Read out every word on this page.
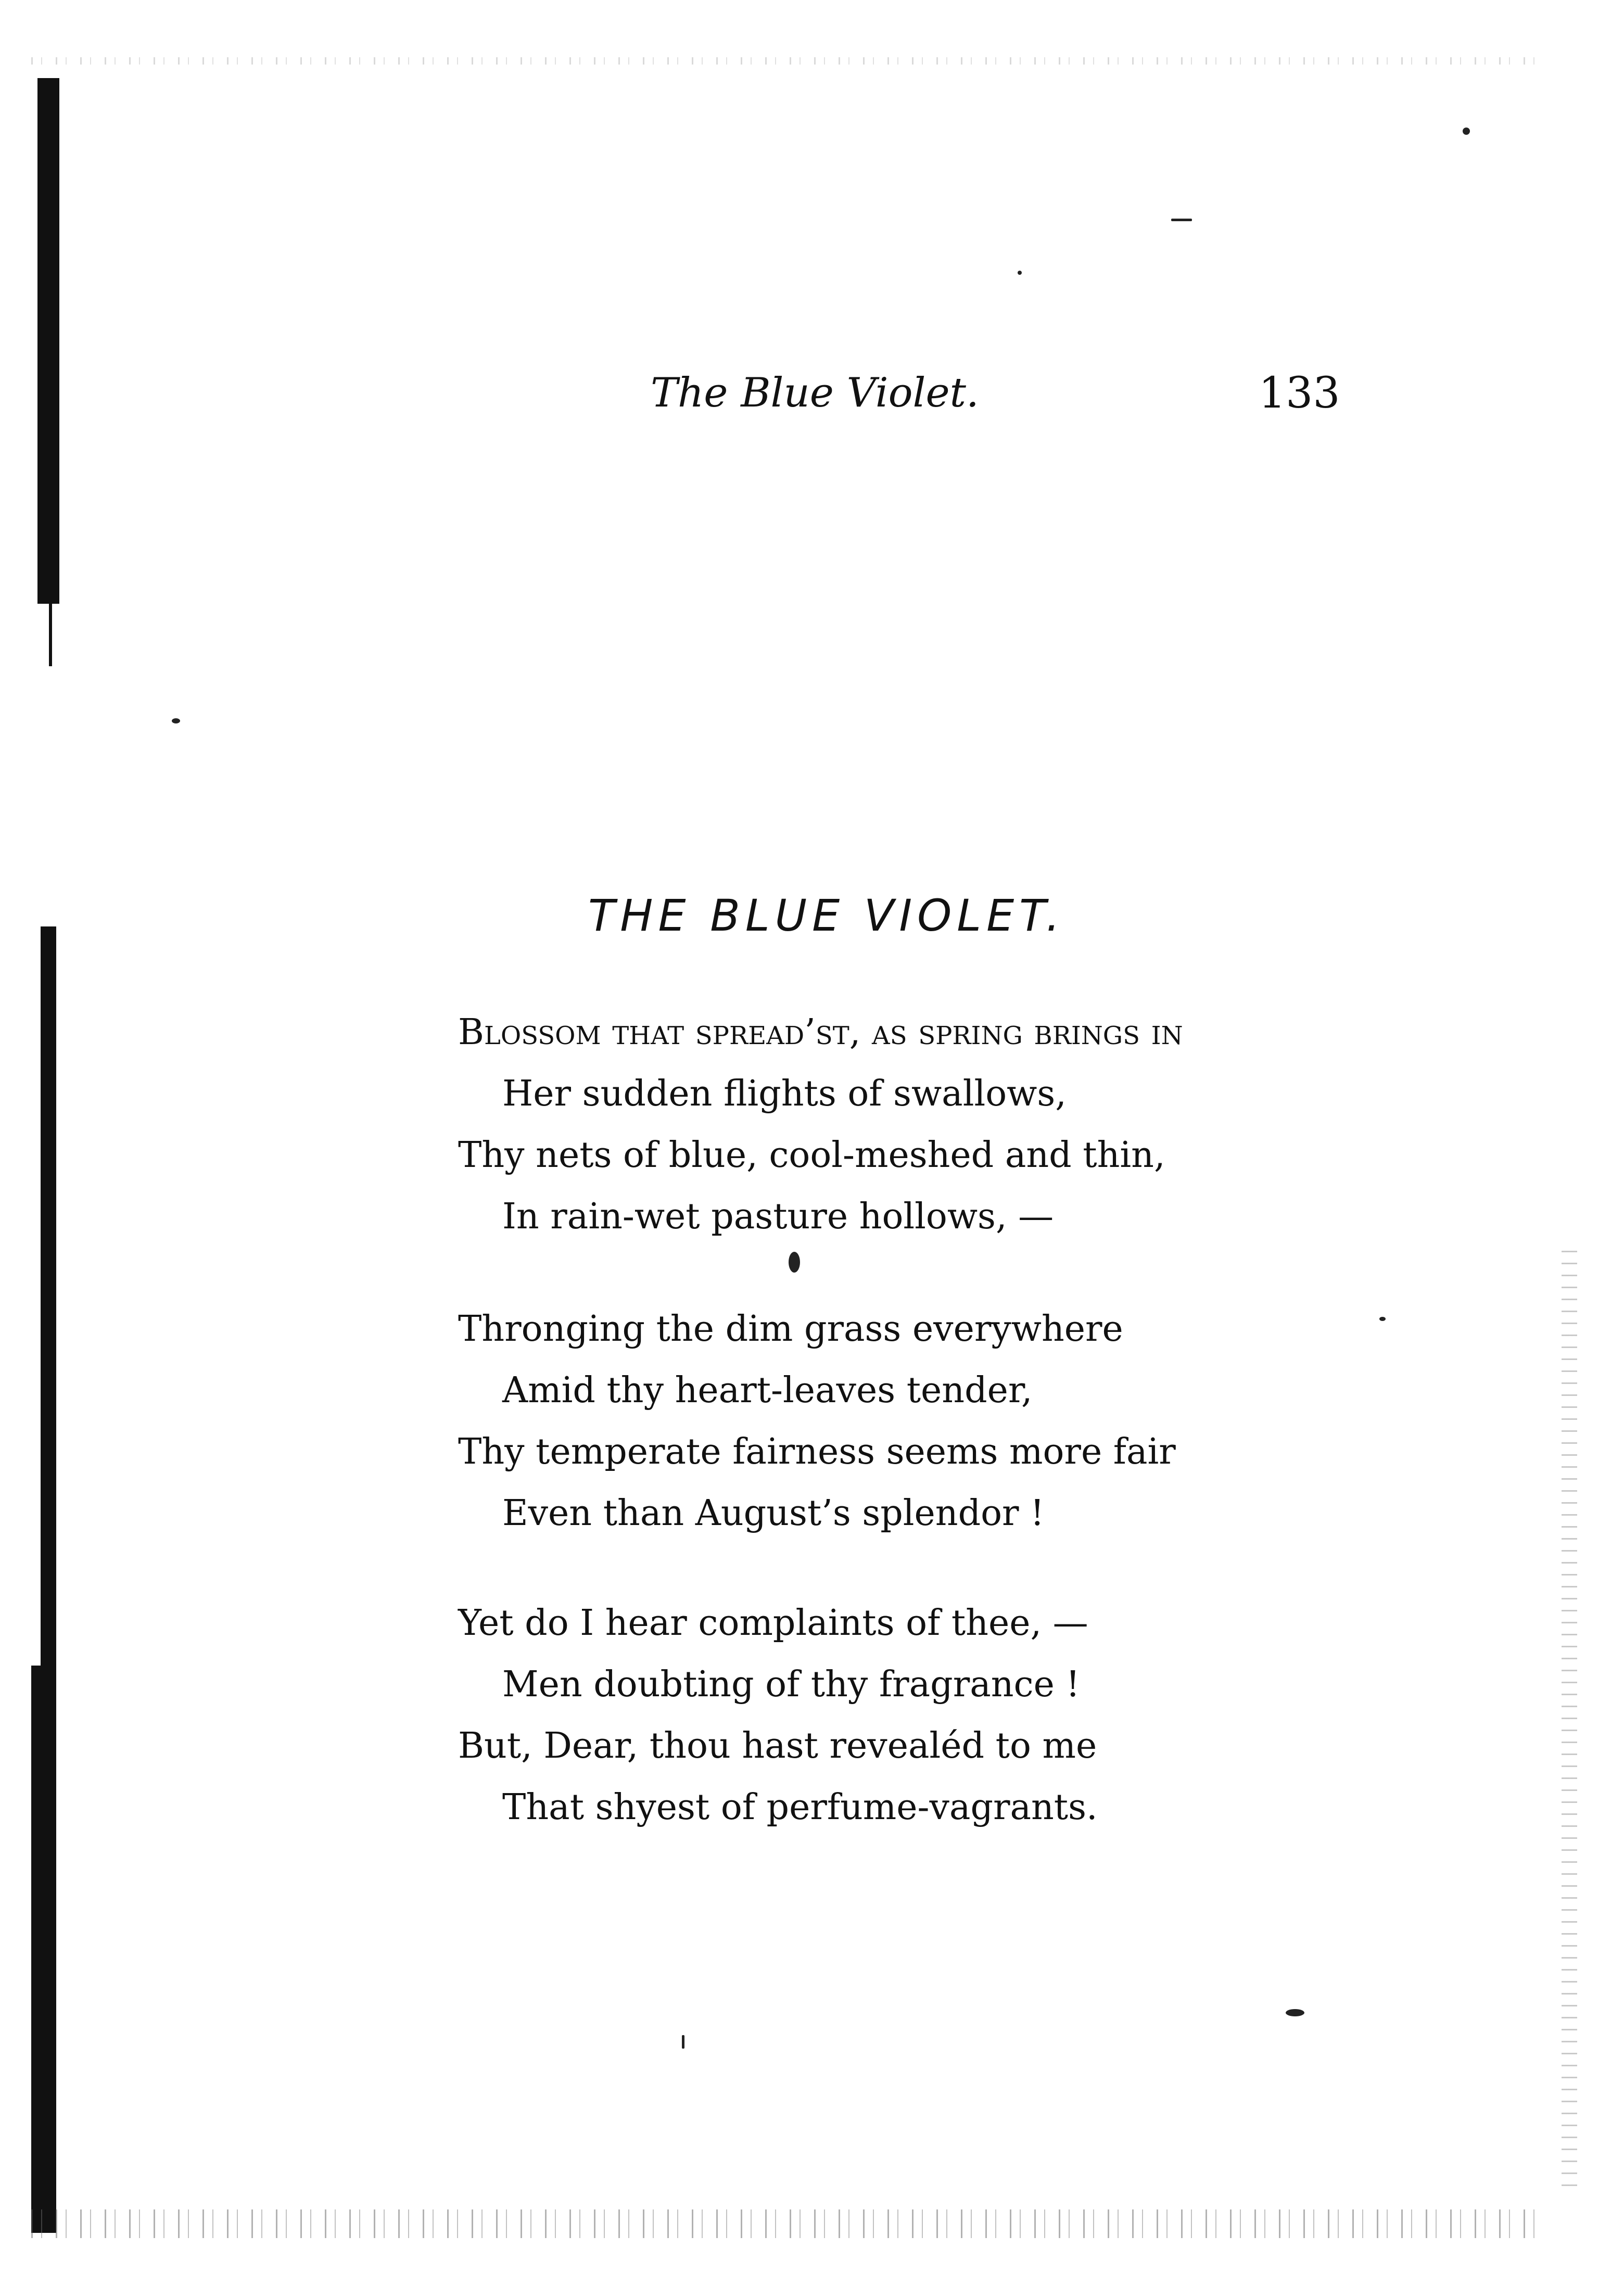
The Blue Violet.	133
THE BLUE VIOLET.
Blossom that spread’st, as spring brings in
Her sudden flights of swallows,
Thy nets of blue, cool-meshed and thin,
In rain-wet pasture hollows, —
Thronging the dim grass everywhere
Amid thy heart-leaves tender,
Thy temperate fairness seems more fair
Even than August’s splendor !
Yet do I hear complaints of thee, —
Men doubting of thy fragrance !
But, Dear, thou hast revealéd to me
That shyest of perfume-vagrants.
